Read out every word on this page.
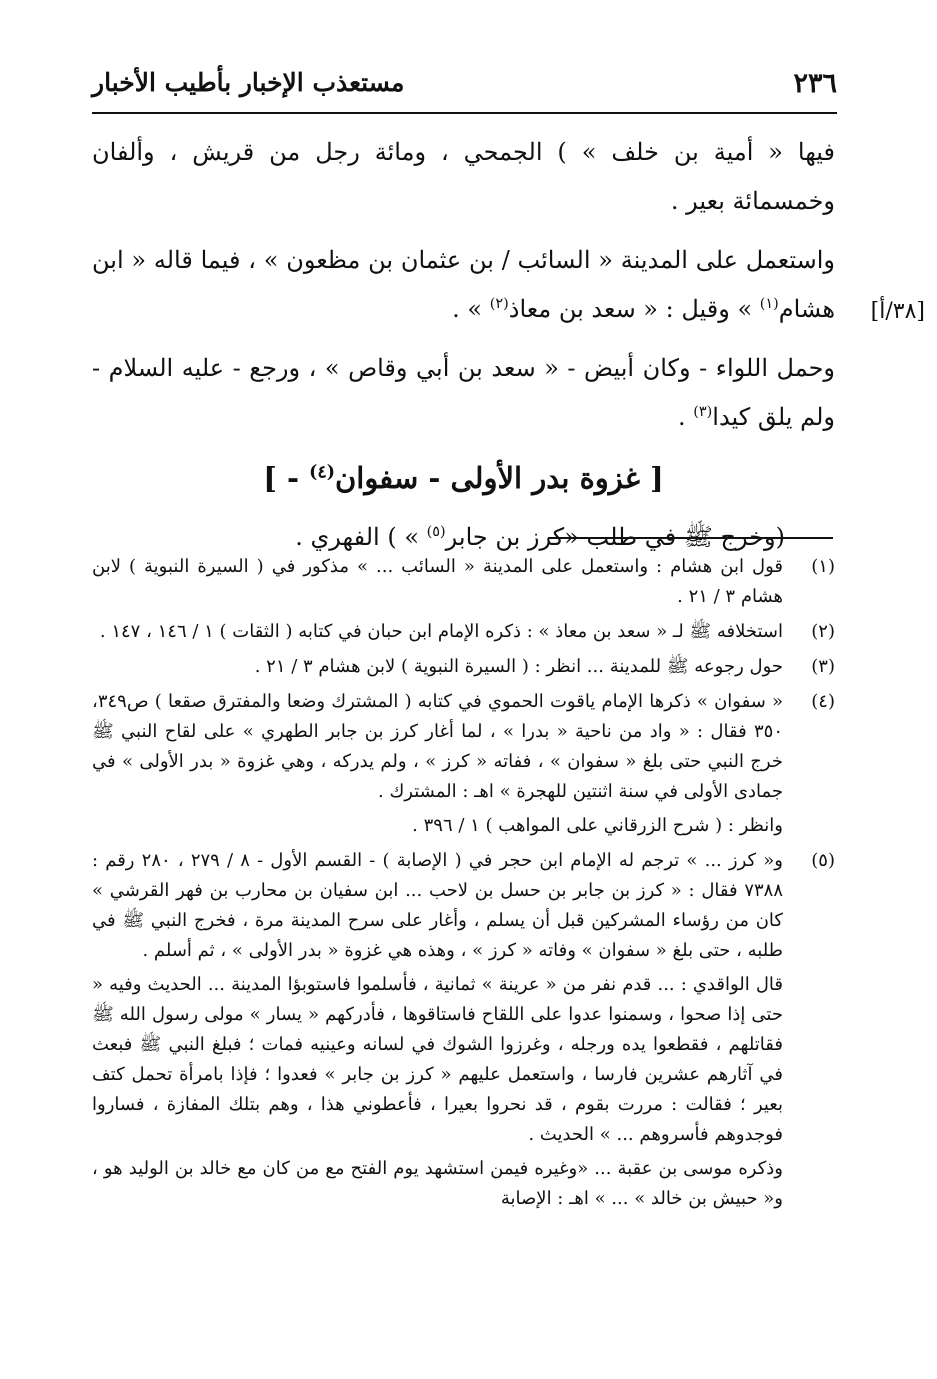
٢٣٦
مستعذب الإخبار بأطيب الأخبار

فيها « أمية بن خلف » ) الجمحي ، ومائة رجل من قريش ، وألفان وخمسمائة بعير .

[٣٨/أ]
واستعمل على المدينة « السائب / بن عثمان بن مظعون » ، فيما قاله « ابن هشام$^{(١)}$ » وقيل : « سعد بن معاذ$^{(٢)}$ » .

وحمل اللواء - وكان أبيض - « سعد بن أبي وقاص » ، ورجع - عليه السلام - ولم يلق كيدا$^{(٣)}$ .

[ غزوة بدر الأولى - سفوان$^{(٤)}$ - ]

(وخرج ﷺ في طلب «كرز بن جابر$^{(٥)}$ » ) الفهري .

(١)

قول ابن هشام : واستعمل على المدينة « السائب ... » مذكور في ( السيرة النبوية ) لابن هشام ٣ / ٢١ .

(٢)

استخلافه ﷺ لـ « سعد بن معاذ » : ذكره الإمام ابن حبان في كتابه ( الثقات ) ١ / ١٤٦ ، ١٤٧ .

(٣)

حول رجوعه ﷺ للمدينة ... انظر : ( السيرة النبوية ) لابن هشام ٣ / ٢١ .

(٤)

« سفوان » ذكرها الإمام ياقوت الحموي في كتابه ( المشترك وضعا والمفترق صقعا ) ص٣٤٩، ٣٥٠ فقال : « واد من ناحية « بدرا » ، لما أغار كرز بن جابر الطهري » على لقاح النبي ﷺ خرج النبي حتى بلغ « سفوان » ، ففاته « كرز » ، ولم يدركه ، وهي غزوة « بدر الأولى » في جمادى الأولى في سنة اثنتين للهجرة » اهـ : المشترك .

وانظر : ( شرح الزرقاني على المواهب ) ١ / ٣٩٦ .

(٥)

و« كرز ... » ترجم له الإمام ابن حجر في ( الإصابة ) - القسم الأول - ٨ / ٢٧٩ ، ٢٨٠ رقم : ٧٣٨٨ فقال : « كرز بن جابر بن حسل بن لاحب ... ابن سفيان بن محارب بن فهر القرشي » كان من رؤساء المشركين قبل أن يسلم ، وأغار على سرح المدينة مرة ، فخرج النبي ﷺ في طلبه ، حتى بلغ « سفوان » وفاته « كرز » ، وهذه هي غزوة « بدر الأولى » ، ثم أسلم .

قال الواقدي : ... قدم نفر من « عرينة » ثمانية ، فأسلموا فاستوبؤا المدينة ... الحديث وفيه « حتى إذا صحوا ، وسمنوا عدوا على اللقاح فاستاقوها ، فأدركهم « يسار » مولى رسول الله ﷺ فقاتلهم ، فقطعوا يده ورجله ، وغرزوا الشوك في لسانه وعينيه فمات ؛ فبلغ النبي ﷺ فبعث في آثارهم عشرين فارسا ، واستعمل عليهم « كرز بن جابر » فعدوا ؛ فإذا بامرأة تحمل كتف بعير ؛ فقالت : مررت بقوم ، قد نحروا بعيرا ، فأعطوني هذا ، وهم بتلك المفازة ، فساروا فوجدوهم فأسروهم ... » الحديث .

وذكره موسى بن عقبة ... «وغيره فيمن استشهد يوم الفتح مع من كان مع خالد بن الوليد هو ، و« حبيش بن خالد » ... » اهـ : الإصابة
